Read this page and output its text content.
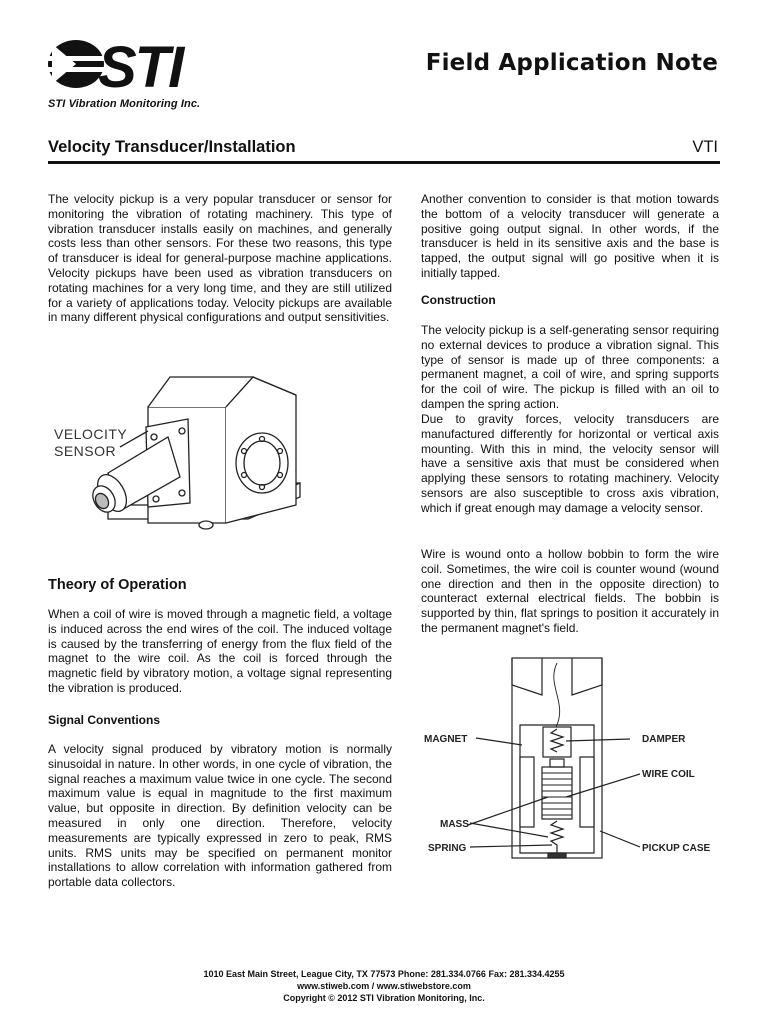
STI
STI Vibration Monitoring Inc.
Field Application Note
Velocity Transducer/Installation	VTI

The velocity pickup is a very popular transducer or sensor for monitoring the vibration of rotating machinery. This type of vibration transducer installs easily on machines, and generally costs less than other sensors. For these two reasons, this type of transducer is ideal for general-purpose machine applications. Velocity pickups have been used as vibration transducers on rotating machines for a very long time, and they are still utilized for a variety of applications today. Velocity pickups are available in many different physical configurations and output sensitivities.

VELOCITY
SENSOR
Theory of Operation

When a coil of wire is moved through a magnetic field, a voltage is induced across the end wires of the coil. The induced voltage is caused by the transferring of energy from the flux field of the magnet to the wire coil. As the coil is forced through the magnetic field by vibratory motion, a voltage signal representing the vibration is produced.

Signal Conventions

A velocity signal produced by vibratory motion is normally sinusoidal in nature. In other words, in one cycle of vibration, the signal reaches a maximum value twice in one cycle. The second maximum value is equal in magnitude to the first maximum value, but opposite in direction. By definition velocity can be measured in only one direction. Therefore, velocity measurements are typically expressed in zero to peak, RMS units. RMS units may be specified on permanent monitor installations to allow correlation with information gathered from portable data collectors.

Another convention to consider is that motion towards the bottom of a velocity transducer will generate a positive going output signal. In other words, if the transducer is held in its sensitive axis and the base is tapped, the output signal will go positive when it is initially tapped.

Construction

The velocity pickup is a self-generating sensor requiring no external devices to produce a vibration signal. This type of sensor is made up of three components: a permanent magnet, a coil of wire, and spring supports for the coil of wire. The pickup is filled with an oil to dampen the spring action.

Due to gravity forces, velocity transducers are manufactured differently for horizontal or vertical axis mounting. With this in mind, the velocity sensor will have a sensitive axis that must be considered when applying these sensors to rotating machinery. Velocity sensors are also susceptible to cross axis vibration, which if great enough may damage a velocity sensor.

Wire is wound onto a hollow bobbin to form the wire coil. Sometimes, the wire coil is counter wound (wound one direction and then in the opposite direction) to counteract external electrical fields. The bobbin is supported by thin, flat springs to position it accurately in the permanent magnet's field.

MAGNET
MASS
SPRING
DAMPER
WIRE COIL
PICKUP CASE
1010 East Main Street, League City, TX 77573 Phone: 281.334.0766 Fax: 281.334.4255
www.stiweb.com / www.stiwebstore.com
Copyright © 2012 STI Vibration Monitoring, Inc.
